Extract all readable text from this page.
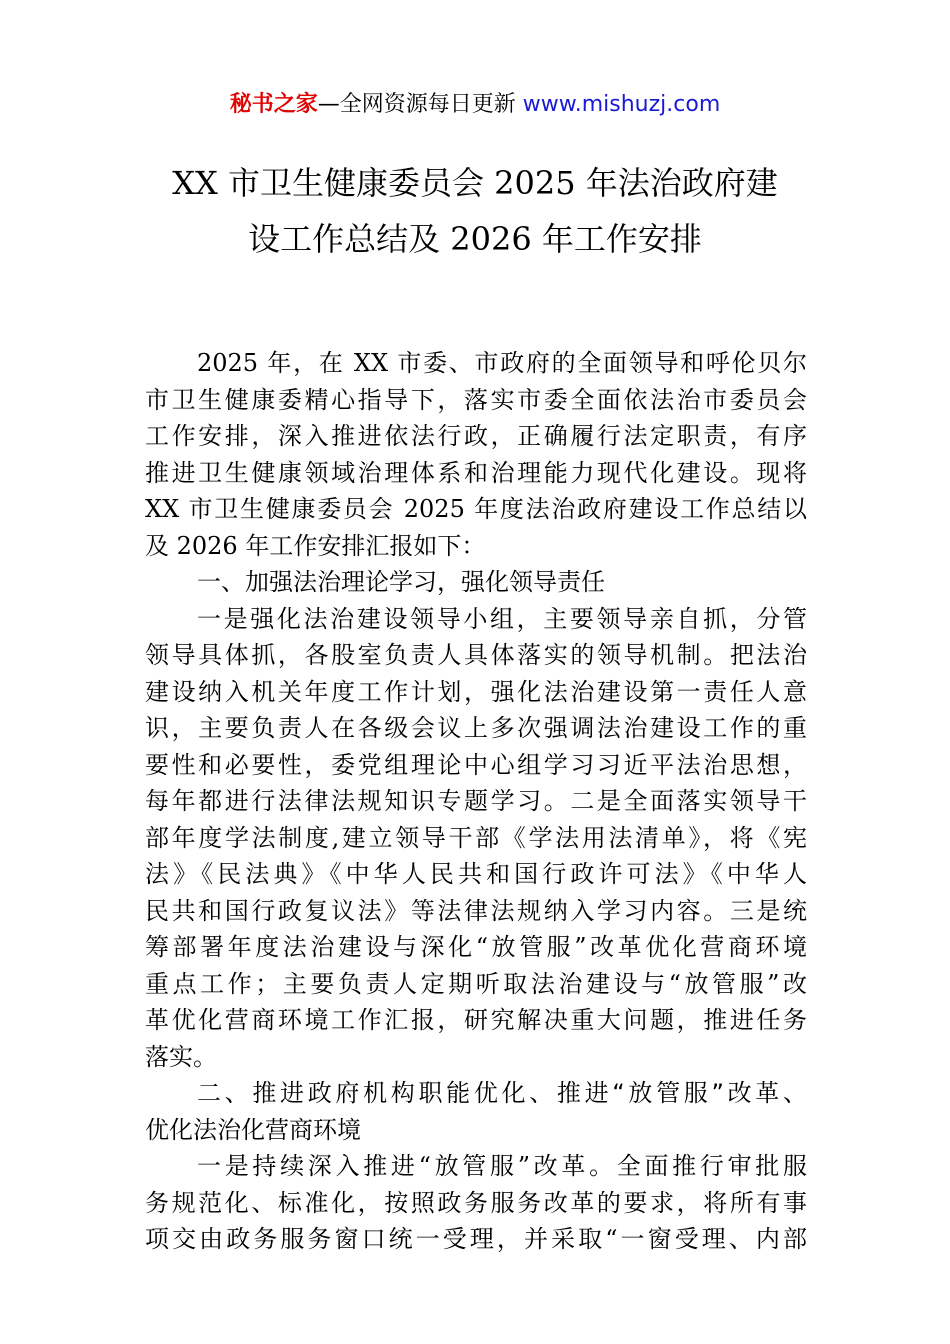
秘书之家—全网资源每日更新 www.mishuzj.com
XX 市卫生健康委员会 2025 年法治政府建
设工作总结及 2026 年工作安排
2025 年，在 XX 市委、市政府的全面领导和呼伦贝尔
市卫生健康委精心指导下，落实市委全面依法治市委员会
工作安排，深入推进依法行政，正确履行法定职责，有序
推进卫生健康领域治理体系和治理能力现代化建设。现将
XX 市卫生健康委员会 2025 年度法治政府建设工作总结以
及 2026 年工作安排汇报如下：
一、加强法治理论学习，强化领导责任
一是强化法治建设领导小组，主要领导亲自抓，分管
领导具体抓，各股室负责人具体落实的领导机制。把法治
建设纳入机关年度工作计划，强化法治建设第一责任人意
识，主要负责人在各级会议上多次强调法治建设工作的重
要性和必要性，委党组理论中心组学习习近平法治思想，
每年都进行法律法规知识专题学习。二是全面落实领导干
部年度学法制度,建立领导干部《学法用法清单》，将《宪
法》《民法典》《中华人民共和国行政许可法》《中华人
民共和国行政复议法》等法律法规纳入学习内容。三是统
筹部署年度法治建设与深化“放管服”改革优化营商环境
重点工作；主要负责人定期听取法治建设与“放管服”改
革优化营商环境工作汇报，研究解决重大问题，推进任务
落实。
二、推进政府机构职能优化、推进“放管服”改革、
优化法治化营商环境
一是持续深入推进“放管服”改革。全面推行审批服
务规范化、标准化，按照政务服务改革的要求，将所有事
项交由政务服务窗口统一受理，并采取“一窗受理、内部
